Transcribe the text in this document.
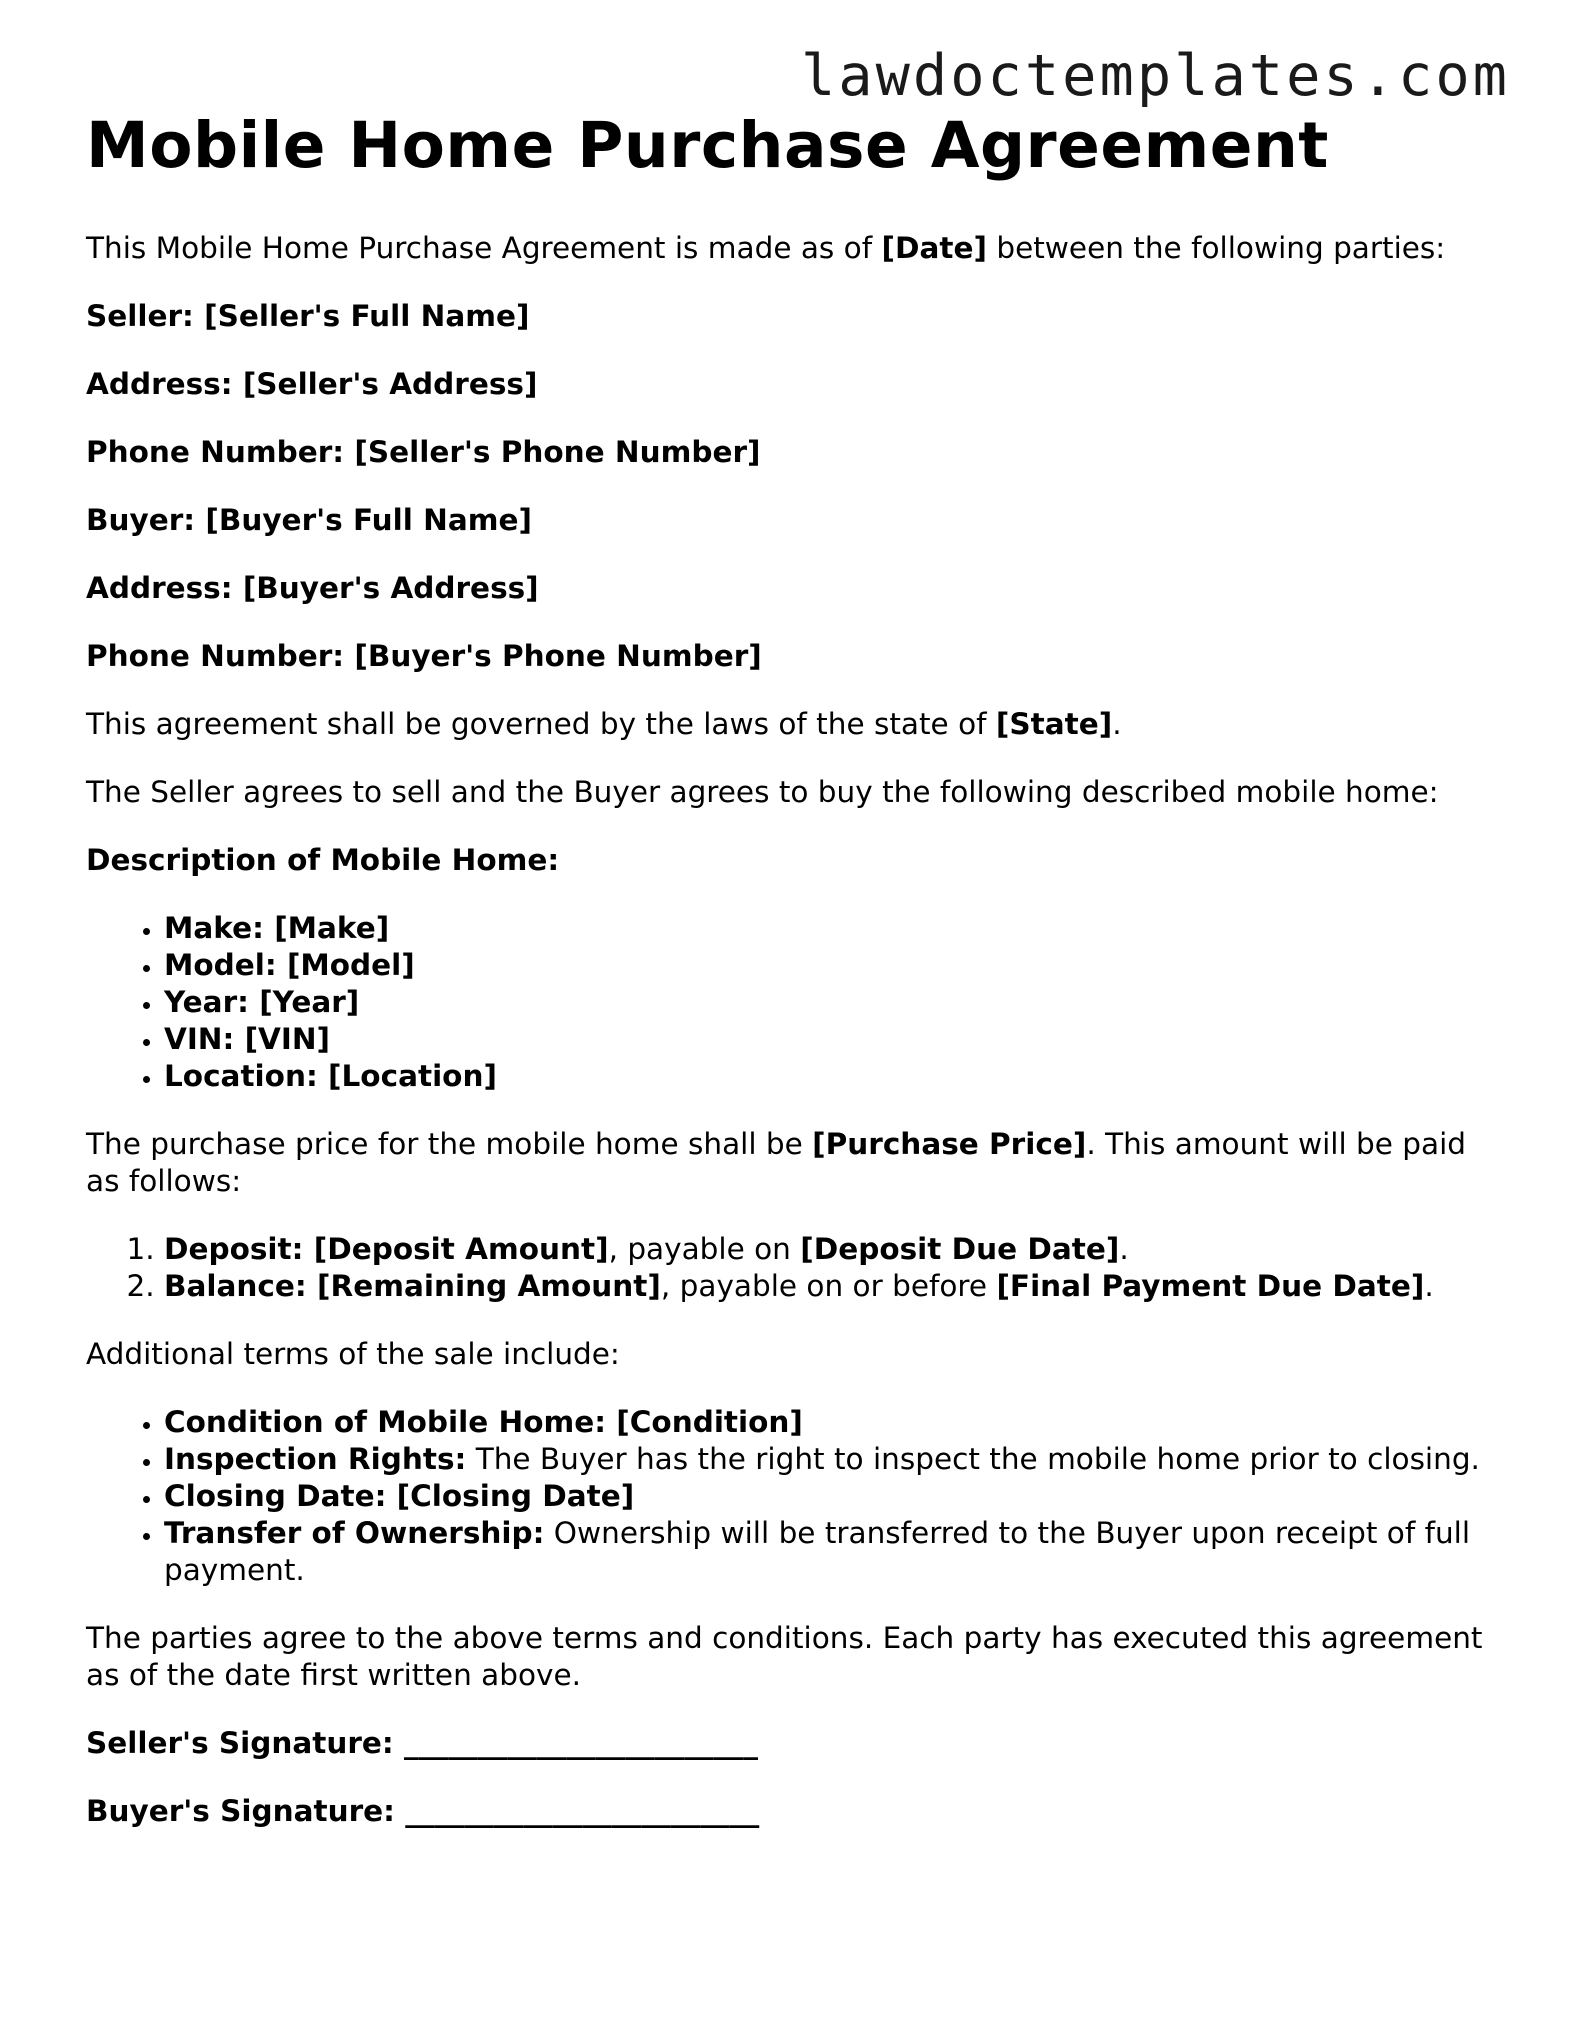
lawdoctemplates.com
Mobile Home Purchase Agreement

This Mobile Home Purchase Agreement is made as of [Date] between the following parties:

Seller: [Seller's Full Name]

Address: [Seller's Address]

Phone Number: [Seller's Phone Number]

Buyer: [Buyer's Full Name]

Address: [Buyer's Address]

Phone Number: [Buyer's Phone Number]

This agreement shall be governed by the laws of the state of [State].

The Seller agrees to sell and the Buyer agrees to buy the following described mobile home:

Description of Mobile Home:

• Make: [Make]
• Model: [Model]
• Year: [Year]
• VIN: [VIN]
• Location: [Location]

The purchase price for the mobile home shall be [Purchase Price]. This amount will be paid as follows:

1. Deposit: [Deposit Amount], payable on [Deposit Due Date].
2. Balance: [Remaining Amount], payable on or before [Final Payment Due Date].

Additional terms of the sale include:

• Condition of Mobile Home: [Condition]
• Inspection Rights: The Buyer has the right to inspect the mobile home prior to closing.
• Closing Date: [Closing Date]
• Transfer of Ownership: Ownership will be transferred to the Buyer upon receipt of full payment.

The parties agree to the above terms and conditions. Each party has executed this agreement as of the date first written above.

Seller's Signature: ________________________

Buyer's Signature: ________________________
